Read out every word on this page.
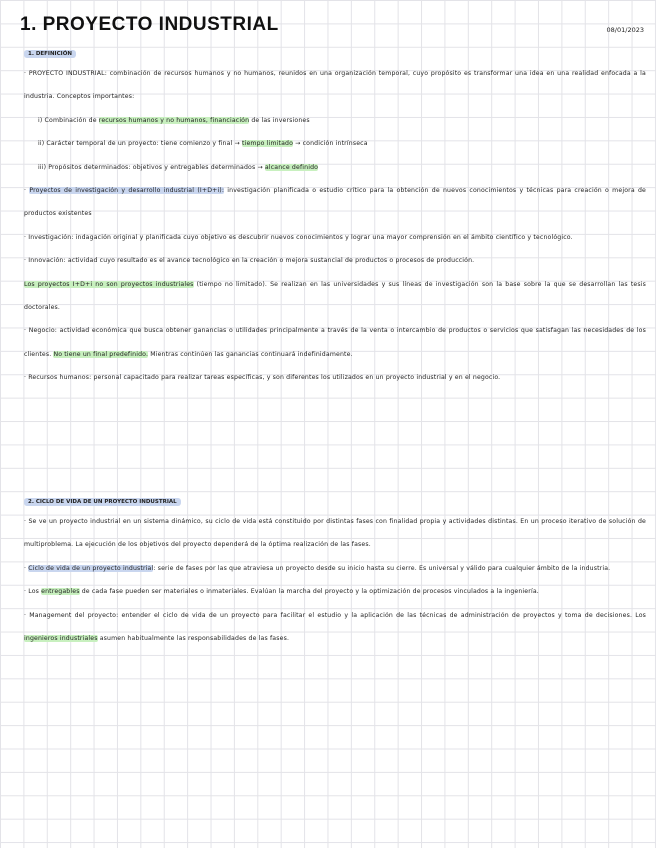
1. PROYECTO INDUSTRIAL	08/01/2023
1. DEFINICIÓN

· PROYECTO INDUSTRIAL: combinación de recursos humanos y no humanos, reunidos en una organización temporal, cuyo propósito es transformar una idea en una realidad enfocada a la industria. Conceptos importantes:

i) Combinación de recursos humanos y no humanos, financiación de las inversiones

ii) Carácter temporal de un proyecto: tiene comienzo y final → tiempo limitado → condición intrínseca

iii) Propósitos determinados: objetivos y entregables determinados → alcance definido

· Proyectos de investigación y desarrollo industrial (I+D+i): investigación planificada o estudio crítico para la obtención de nuevos conocimientos y técnicas para creación o mejora de productos existentes

· Investigación: indagación original y planificada cuyo objetivo es descubrir nuevos conocimientos y lograr una mayor comprensión en el ámbito científico y tecnológico.

· Innovación: actividad cuyo resultado es el avance tecnológico en la creación o mejora sustancial de productos o procesos de producción.

Los proyectos I+D+i no son proyectos industriales (tiempo no limitado). Se realizan en las universidades y sus líneas de investigación son la base sobre la que se desarrollan las tesis doctorales.

· Negocio: actividad económica que busca obtener ganancias o utilidades principalmente a través de la venta o intercambio de productos o servicios que satisfagan las necesidades de los clientes. No tiene un final predefinido. Mientras continúen las ganancias continuará indefinidamente.

· Recursos humanos: personal capacitado para realizar tareas específicas, y son diferentes los utilizados en un proyecto industrial y en el negocio.

2. CICLO DE VIDA DE UN PROYECTO INDUSTRIAL

· Se ve un proyecto industrial en un sistema dinámico, su ciclo de vida está constituido por distintas fases con finalidad propia y actividades distintas. En un proceso iterativo de solución de multiproblema. La ejecución de los objetivos del proyecto dependerá de la óptima realización de las fases.

· Ciclo de vida de un proyecto industrial: serie de fases por las que atraviesa un proyecto desde su inicio hasta su cierre. Es universal y válido para cualquier ámbito de la industria.

· Los entregables de cada fase pueden ser materiales o inmateriales. Evalúan la marcha del proyecto y la optimización de procesos vinculados a la ingeniería.

· Management del proyecto: entender el ciclo de vida de un proyecto para facilitar el estudio y la aplicación de las técnicas de administración de proyectos y toma de decisiones. Los ingenieros industriales asumen habitualmente las responsabilidades de las fases.
